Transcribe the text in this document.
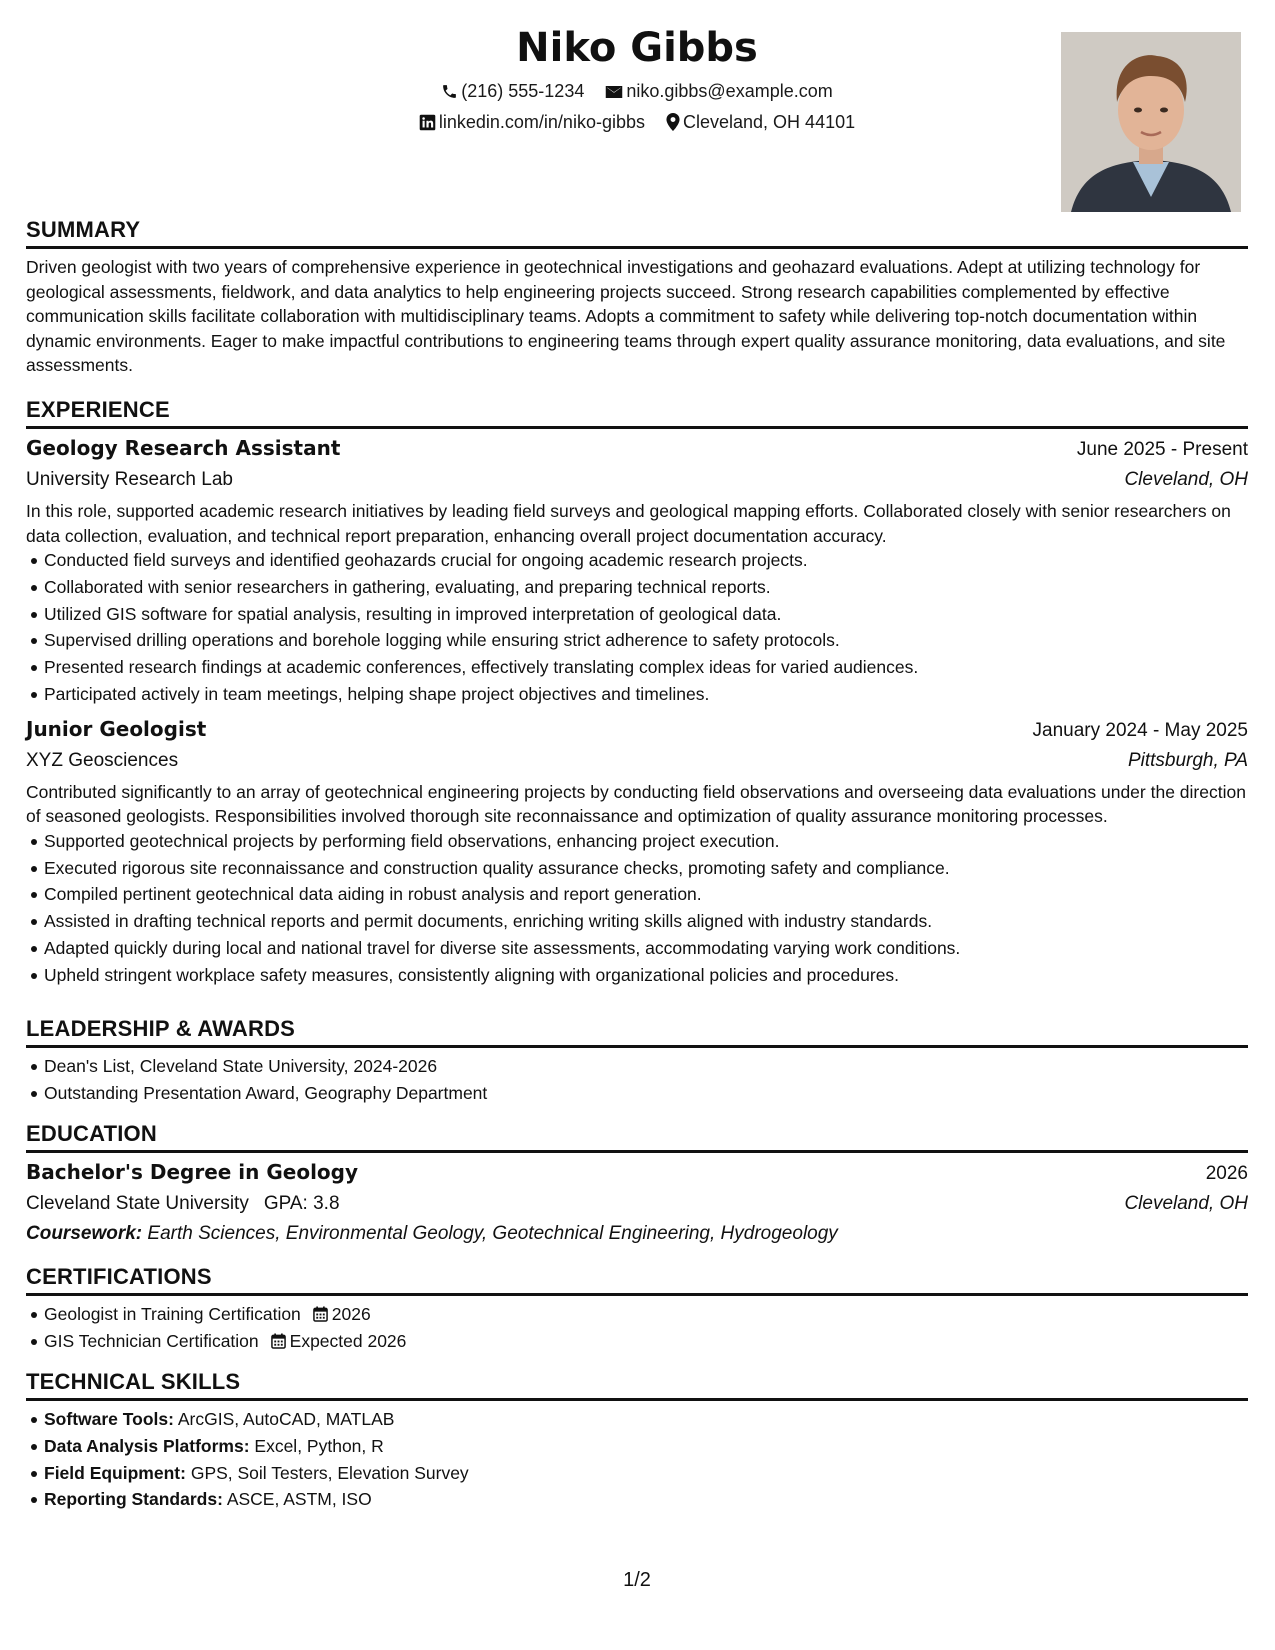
Niko Gibbs
(216) 555-1234 niko.gibbs@example.com
linkedin.com/in/niko-gibbs Cleveland, OH 44101
SUMMARY

Driven geologist with two years of comprehensive experience in geotechnical investigations and geohazard evaluations. Adept at utilizing technology for geological assessments, fieldwork, and data analytics to help engineering projects succeed. Strong research capabilities complemented by effective communication skills facilitate collaboration with multidisciplinary teams. Adopts a commitment to safety while delivering top-notch documentation within dynamic environments. Eager to make impactful contributions to engineering teams through expert quality assurance monitoring, data evaluations, and site assessments.

EXPERIENCE
Geology Research Assistant	June 2025 - Present
University Research Lab	Cleveland, OH

In this role, supported academic research initiatives by leading field surveys and geological mapping efforts. Collaborated closely with senior researchers on data collection, evaluation, and technical report preparation, enhancing overall project documentation accuracy.

Conducted field surveys and identified geohazards crucial for ongoing academic research projects.
Collaborated with senior researchers in gathering, evaluating, and preparing technical reports.
Utilized GIS software for spatial analysis, resulting in improved interpretation of geological data.
Supervised drilling operations and borehole logging while ensuring strict adherence to safety protocols.
Presented research findings at academic conferences, effectively translating complex ideas for varied audiences.
Participated actively in team meetings, helping shape project objectives and timelines.
Junior Geologist	January 2024 - May 2025
XYZ Geosciences	Pittsburgh, PA

Contributed significantly to an array of geotechnical engineering projects by conducting field observations and overseeing data evaluations under the direction of seasoned geologists. Responsibilities involved thorough site reconnaissance and optimization of quality assurance monitoring processes.

Supported geotechnical projects by performing field observations, enhancing project execution.
Executed rigorous site reconnaissance and construction quality assurance checks, promoting safety and compliance.
Compiled pertinent geotechnical data aiding in robust analysis and report generation.
Assisted in drafting technical reports and permit documents, enriching writing skills aligned with industry standards.
Adapted quickly during local and national travel for diverse site assessments, accommodating varying work conditions.
Upheld stringent workplace safety measures, consistently aligning with organizational policies and procedures.
LEADERSHIP & AWARDS
Dean's List, Cleveland State University, 2024-2026
Outstanding Presentation Award, Geography Department
EDUCATION
Bachelor's Degree in Geology	2026
Cleveland State University GPA: 3.8	Cleveland, OH
Coursework: Earth Sciences, Environmental Geology, Geotechnical Engineering, Hydrogeology
CERTIFICATIONS
Geologist in Training Certification 2026
GIS Technician Certification Expected 2026
TECHNICAL SKILLS
Software Tools: ArcGIS, AutoCAD, MATLAB
Data Analysis Platforms: Excel, Python, R
Field Equipment: GPS, Soil Testers, Elevation Survey
Reporting Standards: ASCE, ASTM, ISO
1/2
